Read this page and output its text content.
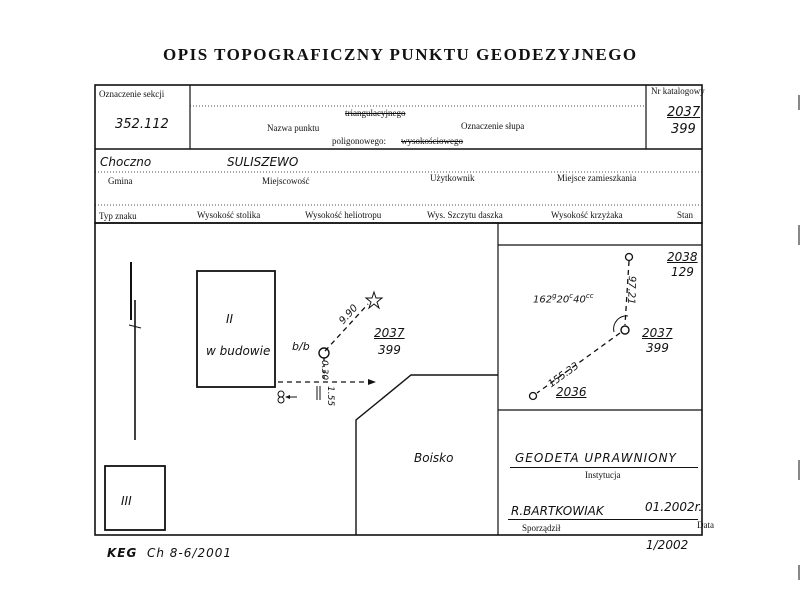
OPIS TOPOGRAFICZNY PUNKTU GEODEZYJNEGO
Oznaczenie sekcji
352.112
triangulacyjnego
Nazwa punktu	Oznaczenie słupa
poligonowego: wysokościowego
Nr katalogowy
2037
399
Choczno	SULISZEWO
Gmina	Miejscowość	Użytkownik	Miejsce zamieszkania
Typ znaku	Wysokość stolika	Wysokość heliotropu	Wys. Szczytu daszka	Wysokość krzyżaka	Stan
II
w budowie b/b
9.90
2037
399
0.30
1.55
Boisko
III
2038
129
$162^g20^c40^{cc}$	97.21
2037
399
155.33
2036
GEODETA UPRAWNIONY
Instytucja
R.BARTKOWIAK	01.2002r.
Sporządził	Data
KEG Ch 8-6/2001
1/2002
